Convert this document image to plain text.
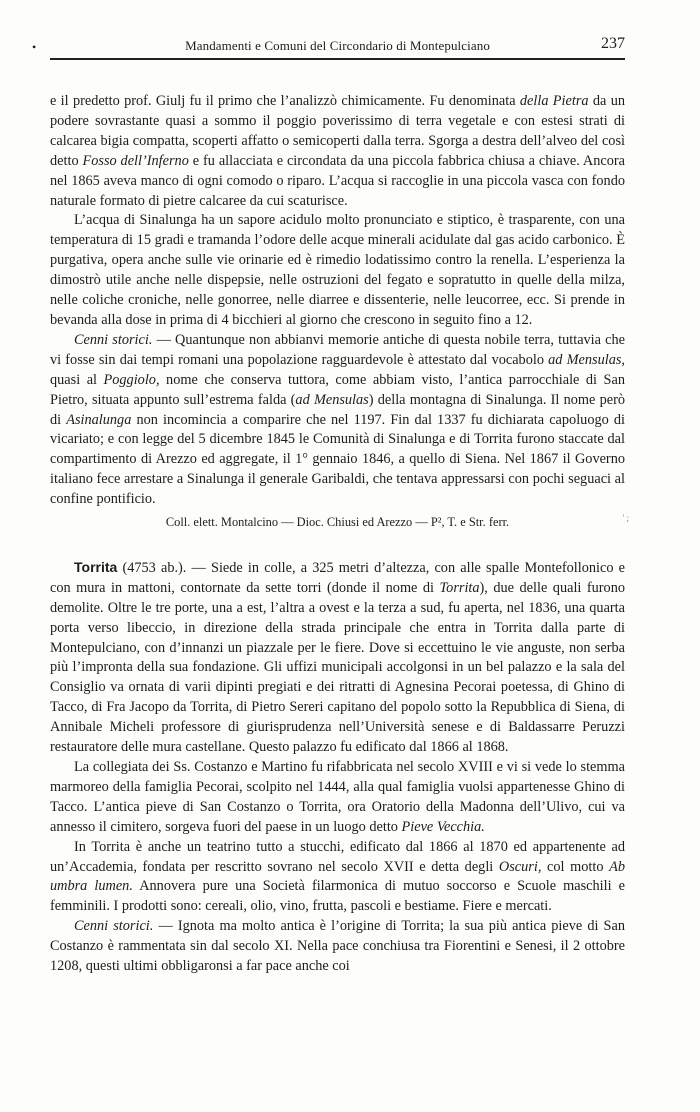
•	Mandamenti e Comuni del Circondario di Montepulciano	237

e il predetto prof. Giulj fu il primo che l’analizzò chimicamente. Fu denominata della Pietra da un podere sovrastante quasi a sommo il poggio poverissimo di terra vegetale e con estesi strati di calcarea bigia compatta, scoperti affatto o semicoperti dalla terra. Sgorga a destra dell’alveo del così detto Fosso dell’Inferno e fu allacciata e circondata da una piccola fabbrica chiusa a chiave. Ancora nel 1865 aveva manco di ogni comodo o riparo. L’acqua si raccoglie in una piccola vasca con fondo naturale formato di pietre calcaree da cui scaturisce.

L’acqua di Sinalunga ha un sapore acidulo molto pronunciato e stiptico, è trasparente, con una temperatura di 15 gradi e tramanda l’odore delle acque minerali acidulate dal gas acido carbonico. È purgativa, opera anche sulle vie orinarie ed è rimedio lodatissimo contro la renella. L’esperienza la dimostrò utile anche nelle dispepsie, nelle ostruzioni del fegato e sopratutto in quelle della milza, nelle coliche croniche, nelle gonorree, nelle diarree e dissenterie, nelle leucorree, ecc. Si prende in bevanda alla dose in prima di 4 bicchieri al giorno che crescono in seguito fino a 12.

Cenni storici. — Quantunque non abbianvi memorie antiche di questa nobile terra, tuttavia che vi fosse sin dai tempi romani una popolazione ragguardevole è attestato dal vocabolo ad Mensulas, quasi al Poggiolo, nome che conserva tuttora, come abbiam visto, l’antica parrocchiale di San Pietro, situata appunto sull’estrema falda (ad Mensulas) della montagna di Sinalunga. Il nome però di Asinalunga non incomincia a comparire che nel 1197. Fin dal 1337 fu dichiarata capoluogo di vicariato; e con legge del 5 dicembre 1845 le Comunità di Sinalunga e di Torrita furono staccate dal compartimento di Arezzo ed aggregate, il 1° gennaio 1846, a quello di Siena. Nel 1867 il Governo italiano fece arrestare a Sinalunga il generale Garibaldi, che tentava appressarsi con pochi seguaci al confine pontificio.

Coll. elett. Montalcino — Dioc. Chiusi ed Arezzo — P², T. e Str. ferr.	' ;

Torrita (4753 ab.). — Siede in colle, a 325 metri d’altezza, con alle spalle Montefollonico e con mura in mattoni, contornate da sette torri (donde il nome di Torrita), due delle quali furono demolite. Oltre le tre porte, una a est, l’altra a ovest e la terza a sud, fu aperta, nel 1836, una quarta porta verso libeccio, in direzione della strada principale che entra in Torrita dalla parte di Montepulciano, con d’innanzi un piazzale per le fiere. Dove si eccettuino le vie anguste, non serba più l’impronta della sua fondazione. Gli uffizi municipali accolgonsi in un bel palazzo e la sala del Consiglio va ornata di varii dipinti pregiati e dei ritratti di Agnesina Pecorai poetessa, di Ghino di Tacco, di Fra Jacopo da Torrita, di Pietro Sereri capitano del popolo sotto la Repubblica di Siena, di Annibale Micheli professore di giurisprudenza nell’Università senese e di Baldassarre Peruzzi restauratore delle mura castellane. Questo palazzo fu edificato dal 1866 al 1868.

La collegiata dei Ss. Costanzo e Martino fu rifabbricata nel secolo XVIII e vi si vede lo stemma marmoreo della famiglia Pecorai, scolpito nel 1444, alla qual famiglia vuolsi appartenesse Ghino di Tacco. L’antica pieve di San Costanzo o Torrita, ora Oratorio della Madonna dell’Ulivo, cui va annesso il cimitero, sorgeva fuori del paese in un luogo detto Pieve Vecchia.

In Torrita è anche un teatrino tutto a stucchi, edificato dal 1866 al 1870 ed appartenente ad un’Accademia, fondata per rescritto sovrano nel secolo XVII e detta degli Oscuri, col motto Ab umbra lumen. Annovera pure una Società filarmonica di mutuo soccorso e Scuole maschili e femminili. I prodotti sono: cereali, olio, vino, frutta, pascoli e bestiame. Fiere e mercati.

Cenni storici. — Ignota ma molto antica è l’origine di Torrita; la sua più antica pieve di San Costanzo è rammentata sin dal secolo XI. Nella pace conchiusa tra Fiorentini e Senesi, il 2 ottobre 1208, questi ultimi obbligaronsi a far pace anche coi
